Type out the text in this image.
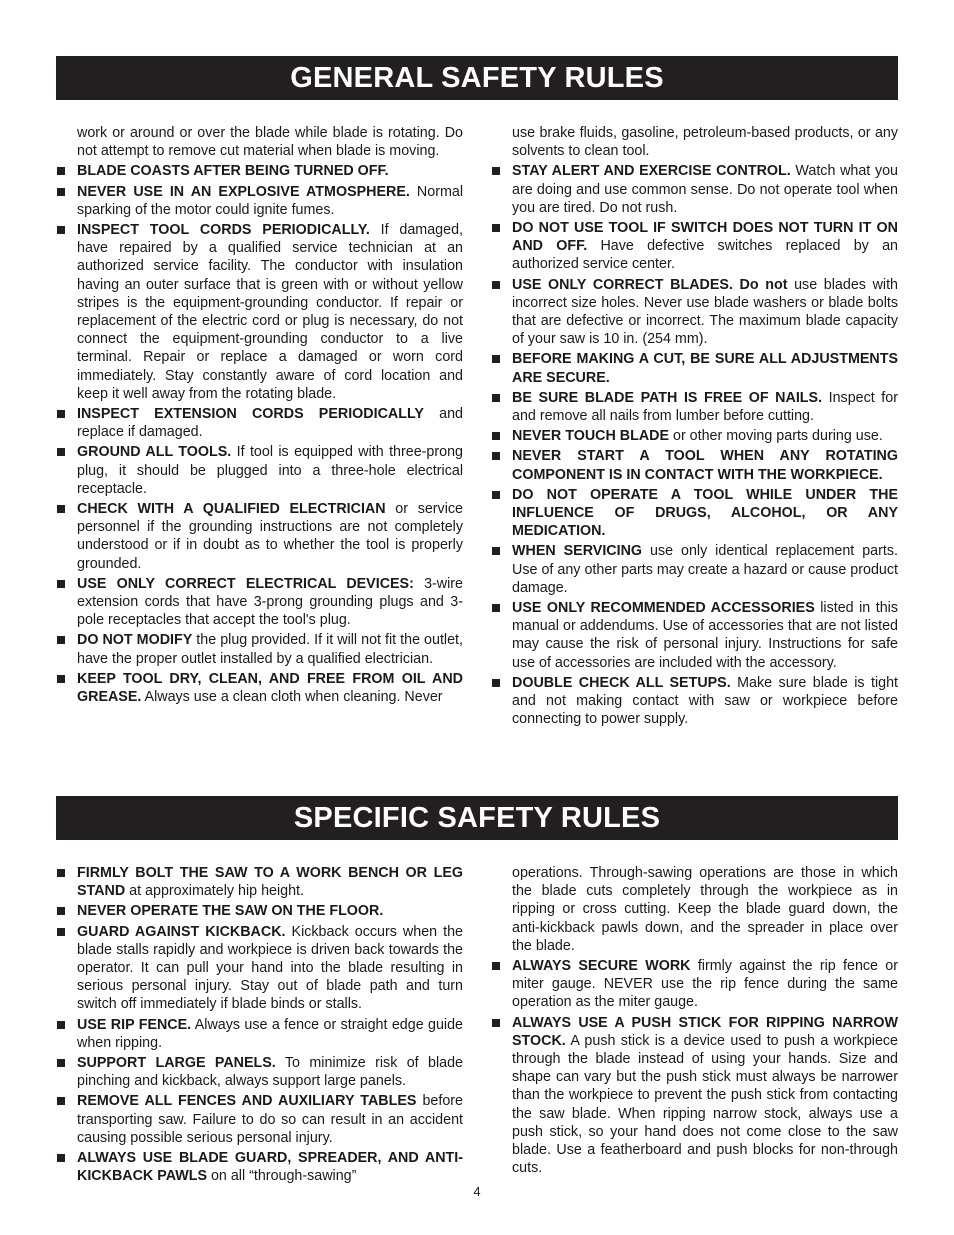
GENERAL SAFETY RULES
work or around or over the blade while blade is rotating. Do not attempt to remove cut material when blade is moving.
BLADE COASTS AFTER BEING TURNED OFF.
NEVER USE IN AN EXPLOSIVE ATMOSPHERE. Normal sparking of the motor could ignite fumes.
INSPECT TOOL CORDS PERIODICALLY. If damaged, have repaired by a qualified service technician at an authorized service facility. The conductor with insulation having an outer surface that is green with or without yellow stripes is the equipment-grounding conductor. If repair or replacement of the electric cord or plug is necessary, do not connect the equipment-grounding conductor to a live terminal. Repair or replace a damaged or worn cord immediately. Stay constantly aware of cord location and keep it well away from the rotating blade.
INSPECT EXTENSION CORDS PERIODICALLY and replace if damaged.
GROUND ALL TOOLS. If tool is equipped with three-prong plug, it should be plugged into a three-hole electrical receptacle.
CHECK WITH A QUALIFIED ELECTRICIAN or service personnel if the grounding instructions are not completely understood or if in doubt as to whether the tool is properly grounded.
USE ONLY CORRECT ELECTRICAL DEVICES: 3-wire extension cords that have 3-prong grounding plugs and 3-pole receptacles that accept the tool's plug.
DO NOT MODIFY the plug provided. If it will not fit the outlet, have the proper outlet installed by a qualified electrician.
KEEP TOOL DRY, CLEAN, AND FREE FROM OIL AND GREASE. Always use a clean cloth when cleaning. Never
use brake fluids, gasoline, petroleum-based products, or any solvents to clean tool.
STAY ALERT AND EXERCISE CONTROL. Watch what you are doing and use common sense. Do not operate tool when you are tired. Do not rush.
DO NOT USE TOOL IF SWITCH DOES NOT TURN IT ON AND OFF. Have defective switches replaced by an authorized service center.
USE ONLY CORRECT BLADES. Do not use blades with incorrect size holes. Never use blade washers or blade bolts that are defective or incorrect. The maximum blade capacity of your saw is 10 in. (254 mm).
BEFORE MAKING A CUT, BE SURE ALL ADJUSTMENTS ARE SECURE.
BE SURE BLADE PATH IS FREE OF NAILS. Inspect for and remove all nails from lumber before cutting.
NEVER TOUCH BLADE or other moving parts during use.
NEVER START A TOOL WHEN ANY ROTATING COMPONENT IS IN CONTACT WITH THE WORKPIECE.
DO NOT OPERATE A TOOL WHILE UNDER THE INFLUENCE OF DRUGS, ALCOHOL, OR ANY MEDICATION.
WHEN SERVICING use only identical replacement parts. Use of any other parts may create a hazard or cause product damage.
USE ONLY RECOMMENDED ACCESSORIES listed in this manual or addendums. Use of accessories that are not listed may cause the risk of personal injury. Instructions for safe use of accessories are included with the accessory.
DOUBLE CHECK ALL SETUPS. Make sure blade is tight and not making contact with saw or workpiece before connecting to power supply.
SPECIFIC SAFETY RULES
FIRMLY BOLT THE SAW TO A WORK BENCH OR LEG STAND at approximately hip height.
NEVER OPERATE THE SAW ON THE FLOOR.
GUARD AGAINST KICKBACK. Kickback occurs when the blade stalls rapidly and workpiece is driven back towards the operator. It can pull your hand into the blade resulting in serious personal injury. Stay out of blade path and turn switch off immediately if blade binds or stalls.
USE RIP FENCE. Always use a fence or straight edge guide when ripping.
SUPPORT LARGE PANELS. To minimize risk of blade pinching and kickback, always support large panels.
REMOVE ALL FENCES AND AUXILIARY TABLES before transporting saw. Failure to do so can result in an accident causing possible serious personal injury.
ALWAYS USE BLADE GUARD, SPREADER, AND ANTI-KICKBACK PAWLS on all “through-sawing”
operations. Through-sawing operations are those in which the blade cuts completely through the workpiece as in ripping or cross cutting. Keep the blade guard down, the anti-kickback pawls down, and the spreader in place over the blade.
ALWAYS SECURE WORK firmly against the rip fence or miter gauge. NEVER use the rip fence during the same operation as the miter gauge.
ALWAYS USE A PUSH STICK FOR RIPPING NARROW STOCK. A push stick is a device used to push a workpiece through the blade instead of using your hands. Size and shape can vary but the push stick must always be narrower than the workpiece to prevent the push stick from contacting the saw blade. When ripping narrow stock, always use a push stick, so your hand does not come close to the saw blade. Use a featherboard and push blocks for non-through cuts.
4
